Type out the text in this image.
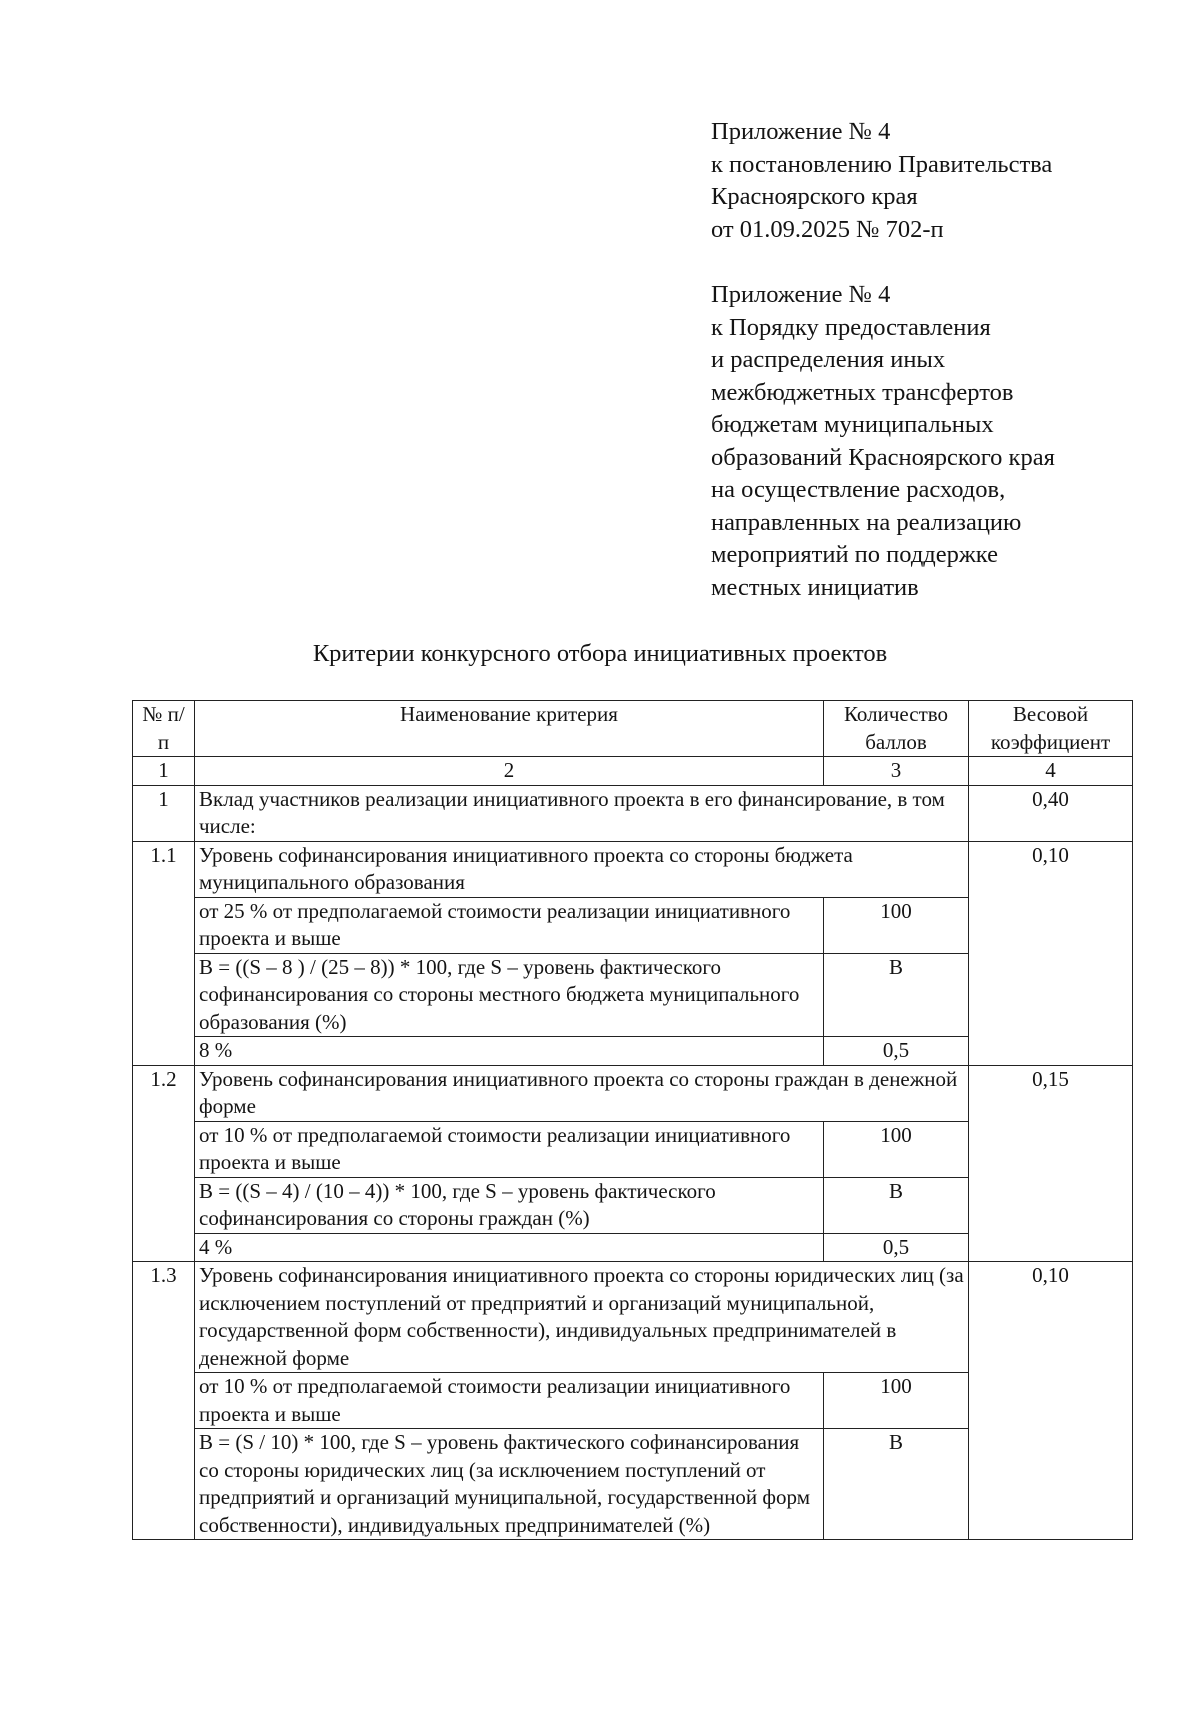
Приложение № 4
к постановлению Правительства
Красноярского края
от 01.09.2025 № 702-п
Приложение № 4
к Порядку предоставления
и распределения иных
межбюджетных трансфертов
бюджетам муниципальных
образований Красноярского края
на осуществление расходов,
направленных на реализацию
мероприятий по поддержке
местных инициатив
Критерии конкурсного отбора инициативных проектов
№ п/п	Наименование критерия	Количество баллов	Весовой коэффициент
1	2	3	4
1	Вклад участников реализации инициативного проекта в его финансирование, в том числе:		0,40
1.1	Уровень софинансирования инициативного проекта со стороны бюджета муниципального образования		0,10
	от 25 % от предполагаемой стоимости реализации инициативного проекта и выше	100	
	В = ((S – 8 ) / (25 – 8)) * 100, где S – уровень фактического софинансирования со стороны местного бюджета муниципального образования (%)	В	
	8 %	0,5	
1.2	Уровень софинансирования инициативного проекта со стороны граждан в денежной форме		0,15
	от 10 % от предполагаемой стоимости реализации инициативного проекта и выше	100	
	В = ((S – 4) / (10 – 4)) * 100, где S – уровень фактического софинансирования со стороны граждан (%)	В	
	4 %	0,5	
1.3	Уровень софинансирования инициативного проекта со стороны юридических лиц (за исключением поступлений от предприятий и организаций муниципальной, государственной форм собственности), индивидуальных предпринимателей в денежной форме		0,10
	от 10 % от предполагаемой стоимости реализации инициативного проекта и выше	100	
	В = (S / 10) * 100, где S – уровень фактического софинансирования со стороны юридических лиц (за исключением поступлений от предприятий и организаций муниципальной, государственной форм собственности), индивидуальных предпринимателей (%)	В	
